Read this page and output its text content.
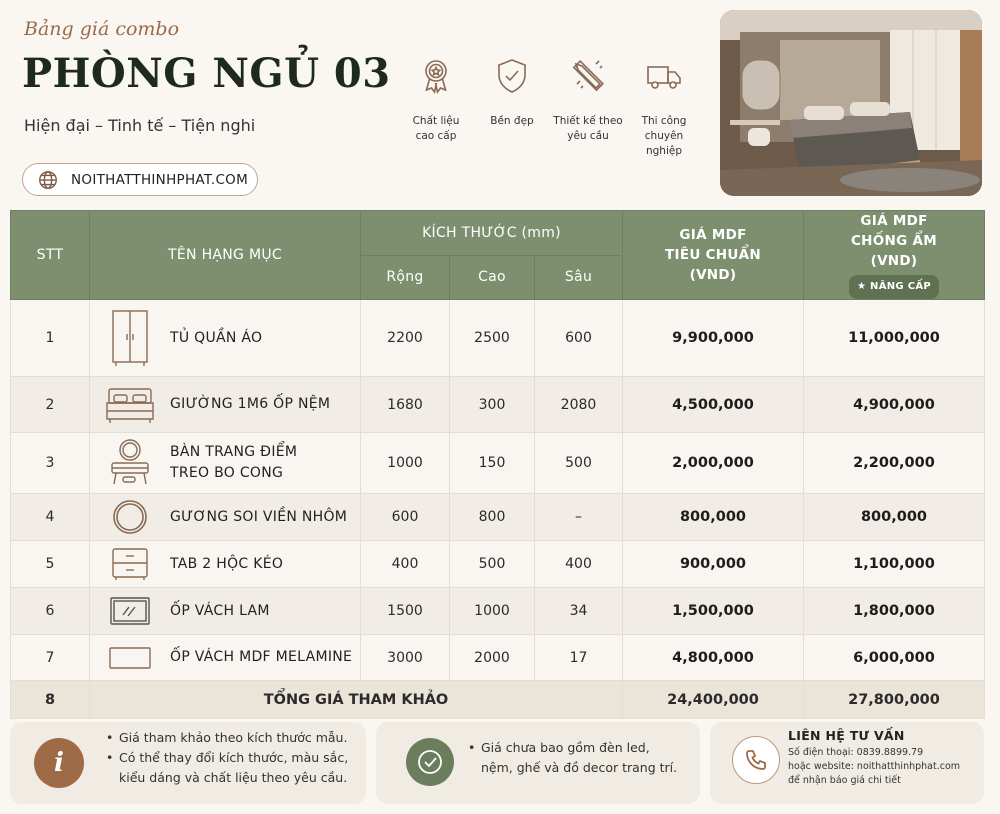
Bảng giá combo
PHÒNG NGỦ 03
Hiện đại – Tinh tế – Tiện nghi
NOITHATTHINHPHAT.COM
Chất liệu
cao cấp
Bền đẹp Thiết kế theo
yêu cầu
Thi công
chuyên nghiệp
STT	TÊN HẠNG MỤC	KÍCH THƯỚC (mm)			GIÁ MDF
TIÊU CHUẨN
(VND)	GIÁ MDF
CHỐNG ẨM
(VND)
★ NÂNG CẤP
		Rộng	Cao	Sâu		
1	TỦ QUẦN ÁO	2200	2500	600	9,900,000	11,000,000
2	GIƯỜNG 1M6 ỐP NỆM	1680	300	2080	4,500,000	4,900,000
3	BÀN TRANG ĐIỂM
TREO BO CONG	1000	150	500	2,000,000	2,200,000
4	GƯƠNG SOI VIỀN NHÔM	600	800	–	800,000	800,000
5	TAB 2 HỘC KÉO	400	500	400	900,000	1,100,000
6	ỐP VÁCH LAM	1500	1000	34	1,500,000	1,800,000
7	ỐP VÁCH MDF MELAMINE	3000	2000	17	4,800,000	6,000,000
8	TỔNG GIÁ THAM KHẢO				24,400,000	27,800,000
i
• Giá tham khảo theo kích thước mẫu.
• Có thể thay đổi kích thước, màu sắc,
kiểu dáng và chất liệu theo yêu cầu.
• Giá chưa bao gồm đèn led,
nệm, ghế và đồ decor trang trí.
LIÊN HỆ TƯ VẤN
Số điện thoại: 0839.8899.79
hoặc website: noithatthinhphat.com
để nhận báo giá chi tiết
